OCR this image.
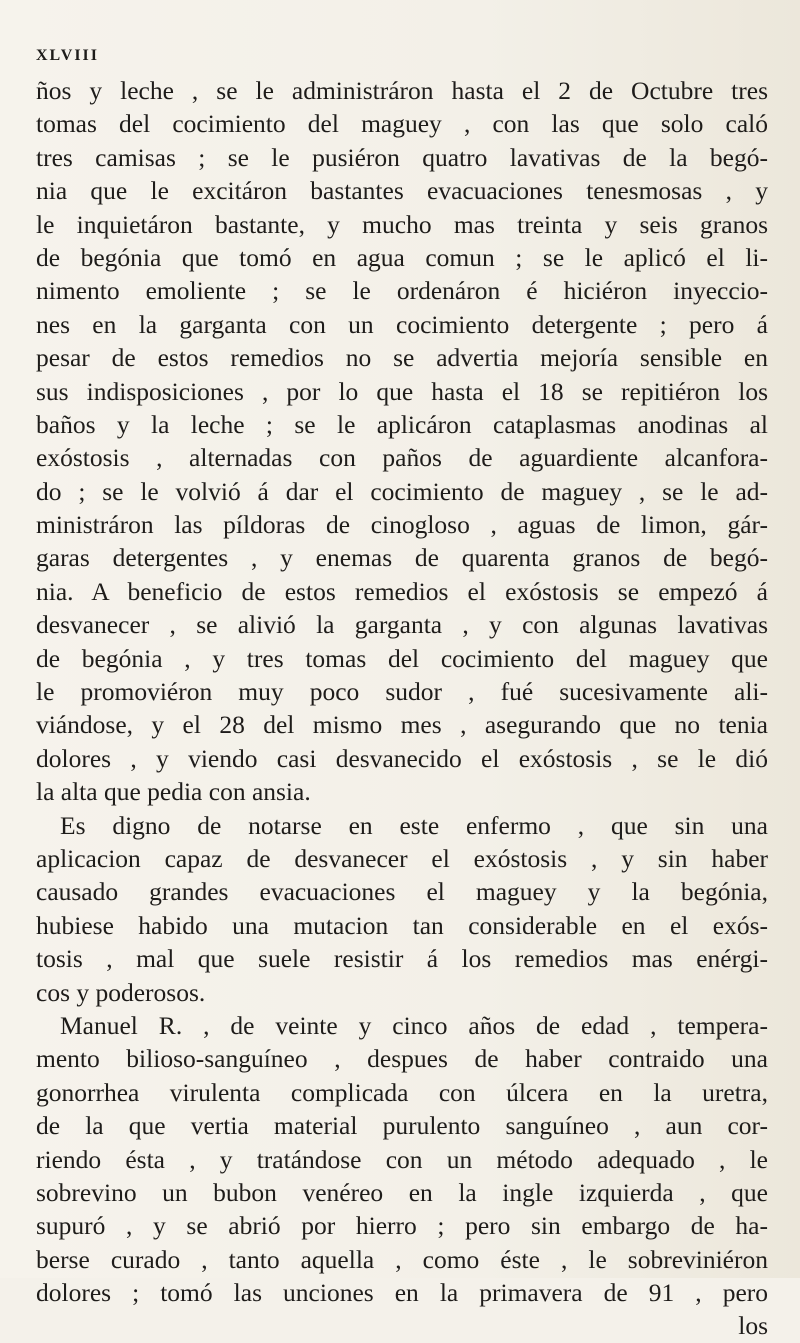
XLVIII
ños y leche , se le administráron hasta el 2 de Octubre tres
tomas del cocimiento del maguey , con las que solo caló
tres camisas ; se le pusiéron quatro lavativas de la begó-
nia que le excitáron bastantes evacuaciones tenesmosas , y
le inquietáron bastante, y mucho mas treinta y seis granos
de begónia que tomó en agua comun ; se le aplicó el li-
nimento emoliente ; se le ordenáron é hiciéron inyeccio-
nes en la garganta con un cocimiento detergente ; pero á
pesar de estos remedios no se advertia mejoría sensible en
sus indisposiciones , por lo que hasta el 18 se repitiéron los
baños y la leche ; se le aplicáron cataplasmas anodinas al
exóstosis , alternadas con paños de aguardiente alcanfora-
do ; se le volvió á dar el cocimiento de maguey , se le ad-
ministráron las píldoras de cinogloso , aguas de limon, gár-
garas detergentes , y enemas de quarenta granos de begó-
nia. A beneficio de estos remedios el exóstosis se empezó á
desvanecer , se alivió la garganta , y con algunas lavativas
de begónia , y tres tomas del cocimiento del maguey que
le promoviéron muy poco sudor , fué sucesivamente ali-
viándose, y el 28 del mismo mes , asegurando que no tenia
dolores , y viendo casi desvanecido el exóstosis , se le dió
la alta que pedia con ansia.
Es digno de notarse en este enfermo , que sin una
aplicacion capaz de desvanecer el exóstosis , y sin haber
causado grandes evacuaciones el maguey y la begónia,
hubiese habido una mutacion tan considerable en el exós-
tosis , mal que suele resistir á los remedios mas enérgi-
cos y poderosos.
Manuel R. , de veinte y cinco años de edad , tempera-
mento bilioso-sanguíneo , despues de haber contraido una
gonorrhea virulenta complicada con úlcera en la uretra,
de la que vertia material purulento sanguíneo , aun cor-
riendo ésta , y tratándose con un método adequado , le
sobrevino un bubon venéreo en la ingle izquierda , que
supuró , y se abrió por hierro ; pero sin embargo de ha-
berse curado , tanto aquella , como éste , le sobreviniéron
dolores ; tomó las unciones en la primavera de 91 , pero
los
